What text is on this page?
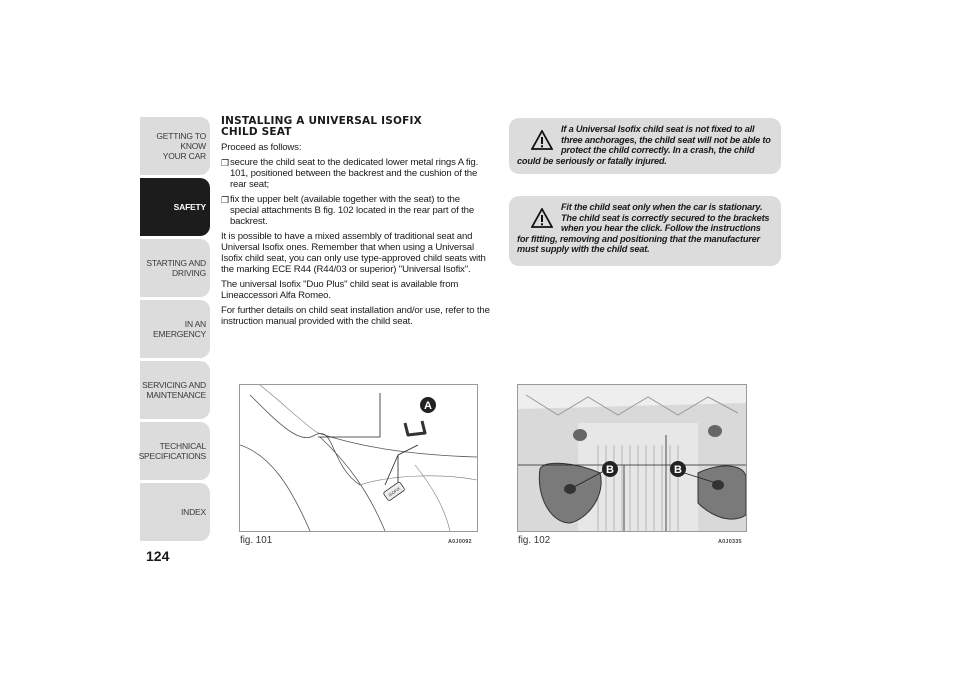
GETTING TO KNOW
YOUR CAR
SAFETY
STARTING AND
DRIVING
IN AN EMERGENCY
SERVICING AND
MAINTENANCE
TECHNICAL
SPECIFICATIONS
INDEX
124
INSTALLING A UNIVERSAL ISOFIX
CHILD SEAT

Proceed as follows:

❒ secure the child seat to the dedicated lower metal rings A fig. 101, positioned between the backrest and the cushion of the rear seat;
❒ fix the upper belt (available together with the seat) to the special attachments B fig. 102 located in the rear part of the backrest.

It is possible to have a mixed assembly of traditional seat and Universal Isofix ones. Remember that when using a Universal Isofix child seat, you can only use type-approved child seats with the marking ECE R44 (R44/03 or superior) "Universal Isofix".

The universal Isofix "Duo Plus" child seat is available from Lineaccessori Alfa Romeo.

For further details on child seat installation and/or use, refer to the instruction manual provided with the child seat.

If a Universal Isofix child seat is not fixed to all three anchorages, the child seat will not be able to protect the child correctly. In a crash, the child could be seriously or fatally injured.
Fit the child seat only when the car is stationary. The child seat is correctly secured to the brackets when you hear the click. Follow the instructions for fitting, removing and positioning that the manufacturer must supply with the child seat.
ISOFIX
A
fig. 101	A0J0092
B	B
fig. 102	A0J0335
